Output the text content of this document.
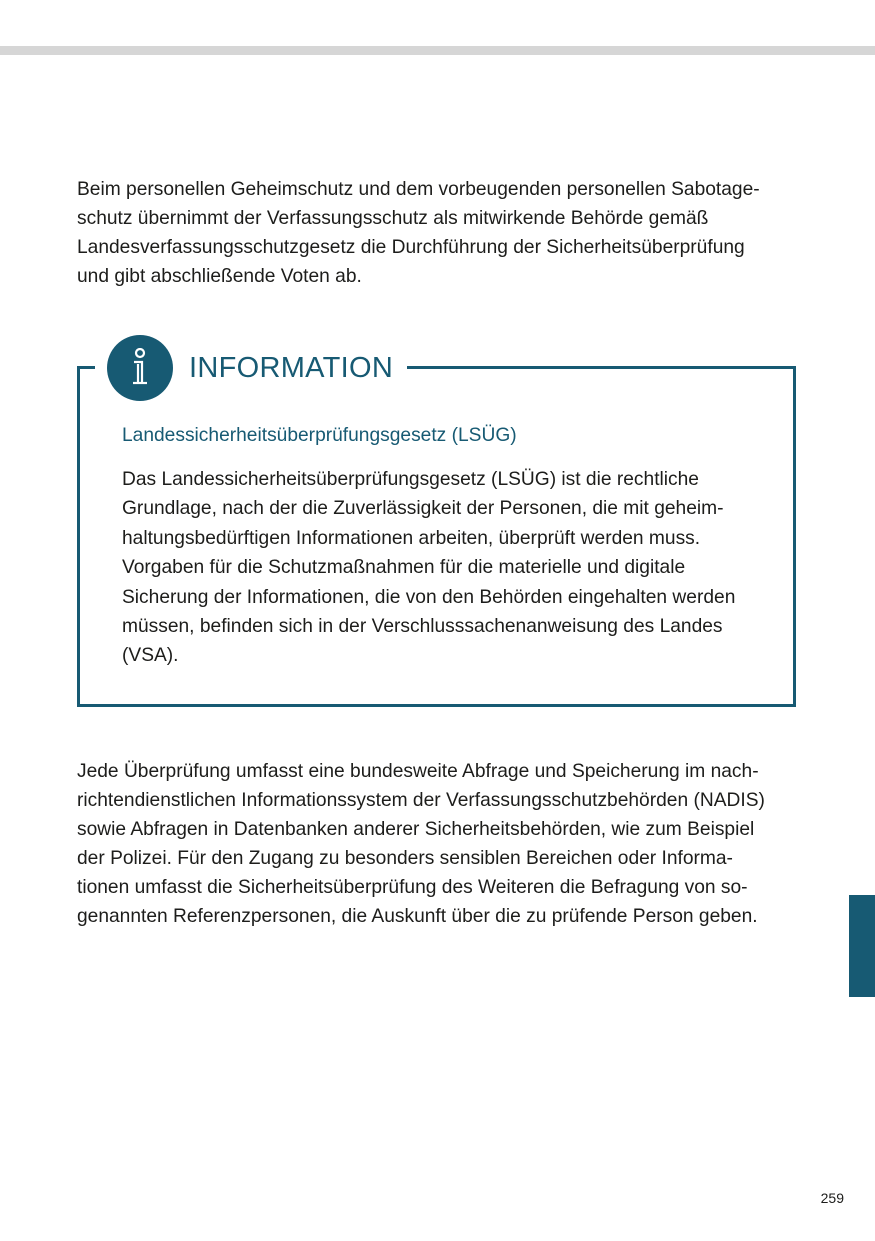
Beim personellen Geheimschutz und dem vorbeugenden personellen Sabotage-
schutz übernimmt der Verfassungsschutz als mitwirkende Behörde gemäß
Landesverfassungsschutzgesetz die Durchführung der Sicherheitsüberprüfung
und gibt abschließende Voten ab.

INFORMATION
Landessicherheitsüberprüfungsgesetz (LSÜG)

Das Landessicherheitsüberprüfungsgesetz (LSÜG) ist die rechtliche
Grundlage, nach der die Zuverlässigkeit der Personen, die mit geheim-
haltungsbedürftigen Informationen arbeiten, überprüft werden muss.
Vorgaben für die Schutzmaßnahmen für die materielle und digitale
Sicherung der Informationen, die von den Behörden eingehalten werden
müssen, befinden sich in der Verschlusssachenanweisung des Landes
(VSA).

Jede Überprüfung umfasst eine bundesweite Abfrage und Speicherung im nach-
richtendienstlichen Informationssystem der Verfassungsschutzbehörden (NADIS)
sowie Abfragen in Datenbanken anderer Sicherheitsbehörden, wie zum Beispiel
der Polizei. Für den Zugang zu besonders sensiblen Bereichen oder Informa-
tionen umfasst die Sicherheitsüberprüfung des Weiteren die Befragung von so-
genannten Referenzpersonen, die Auskunft über die zu prüfende Person geben.

259
